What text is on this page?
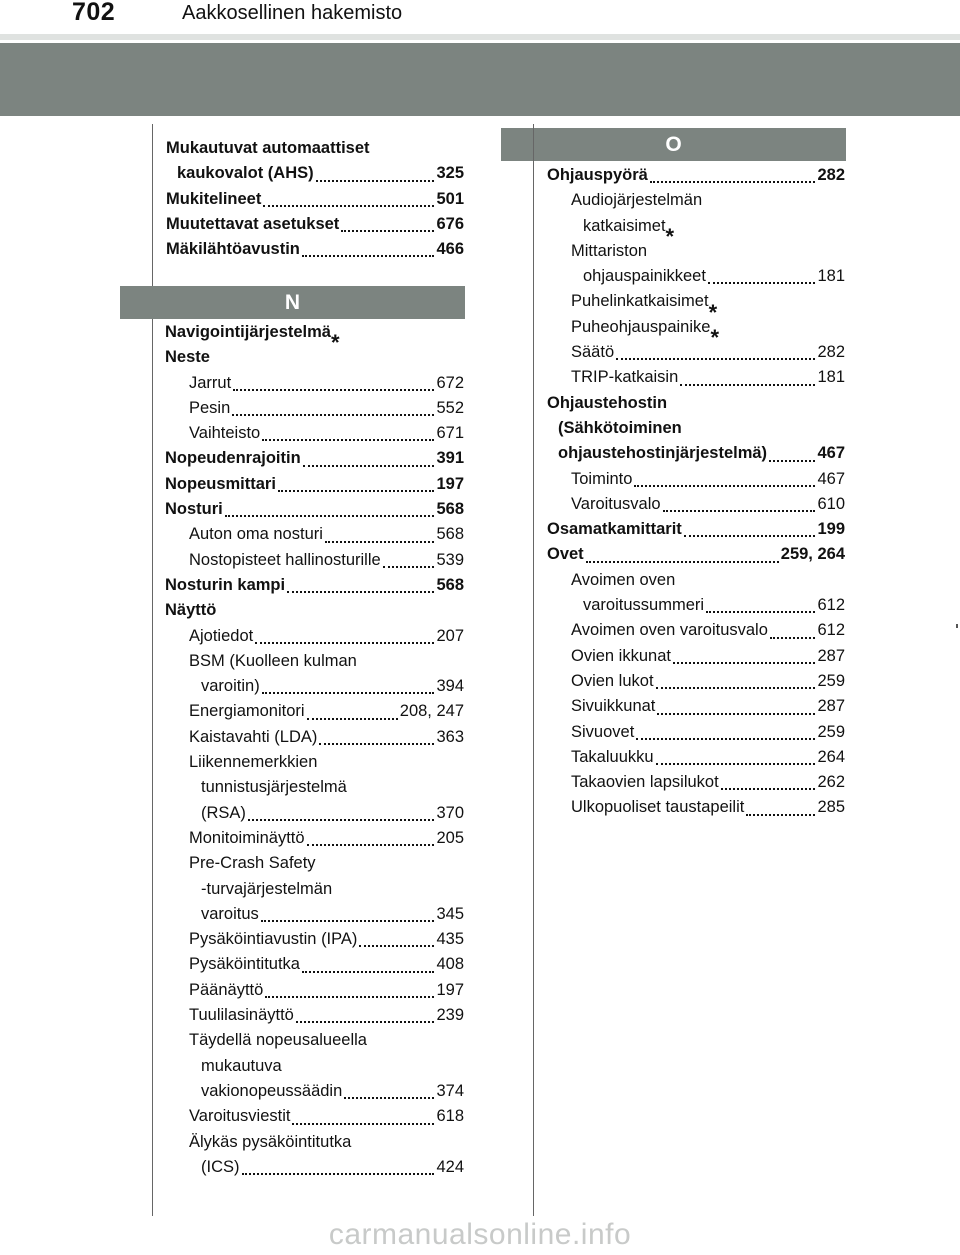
702	Aakkosellinen hakemisto
Mukautuvat automaattiset
kaukovalot (AHS)	325
Mukitelineet	501
Muutettavat asetukset	676
Mäkilähtöavustin	466
N
Navigointijärjestelmä*
Neste
Jarrut	672
Pesin	552
Vaihteisto	671
Nopeudenrajoitin	391
Nopeusmittari	197
Nosturi	568
Auton oma nosturi	568
Nostopisteet hallinosturille	539
Nosturin kampi	568
Näyttö
Ajotiedot	207
BSM (Kuolleen kulman
varoitin)	394
Energiamonitori	208, 247
Kaistavahti (LDA)	363
Liikennemerkkien
tunnistusjärjestelmä
(RSA)	370
Monitoiminäyttö	205
Pre-Crash Safety
-turvajärjestelmän
varoitus	345
Pysäköintiavustin (IPA)	435
Pysäköintitutka	408
Päänäyttö	197
Tuulilasinäyttö	239
Täydellä nopeusalueella
mukautuva
vakionopeussäädin	374
Varoitusviestit	618
Älykäs pysäköintitutka
(ICS)	424
O
Ohjauspyörä	282
Audiojärjestelmän
katkaisimet*
Mittariston
ohjauspainikkeet	181
Puhelinkatkaisimet*
Puheohjauspainike*
Säätö	282
TRIP-katkaisin	181
Ohjaustehostin
(Sähkötoiminen
ohjaustehostinjärjestelmä)	467
Toiminto	467
Varoitusvalo	610
Osamatkamittarit	199
Ovet	259, 264
Avoimen oven
varoitussummeri	612
Avoimen oven varoitusvalo	612
Ovien ikkunat	287
Ovien lukot	259
Sivuikkunat	287
Sivuovet	259
Takaluukku	264
Takaovien lapsilukot	262
Ulkopuoliset taustapeilit	285
carmanualsonline.info
